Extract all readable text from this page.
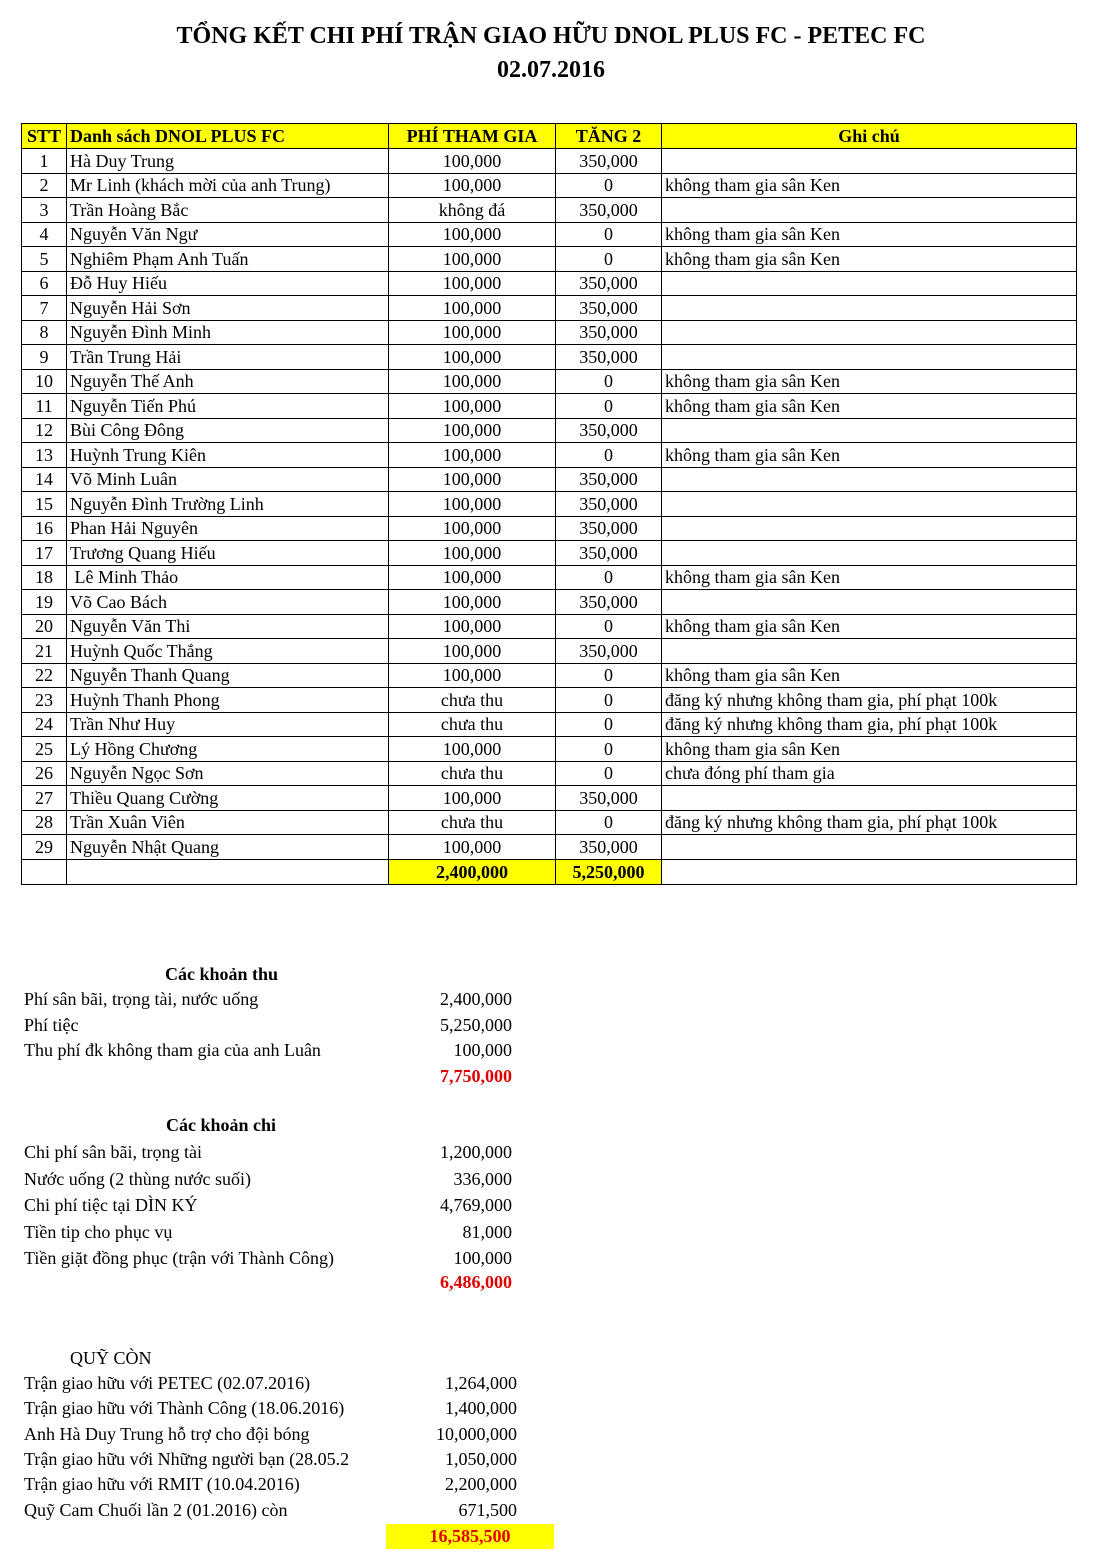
TỔNG KẾT CHI PHÍ TRẬN GIAO HỮU DNOL PLUS FC - PETEC FC
02.07.2016
STT	Danh sách DNOL PLUS FC	PHÍ THAM GIA	TĂNG 2	Ghi chú
1	Hà Duy Trung	100,000	350,000	
2	Mr Linh (khách mời của anh Trung)	100,000	0	không tham gia sân Ken
3	Trần Hoàng Bắc	không đá	350,000	
4	Nguyễn Văn Ngư	100,000	0	không tham gia sân Ken
5	Nghiêm Phạm Anh Tuấn	100,000	0	không tham gia sân Ken
6	Đỗ Huy Hiếu	100,000	350,000	
7	Nguyễn Hải Sơn	100,000	350,000	
8	Nguyễn Đình Minh	100,000	350,000	
9	Trần Trung Hải	100,000	350,000	
10	Nguyễn Thế Anh	100,000	0	không tham gia sân Ken
11	Nguyễn Tiến Phú	100,000	0	không tham gia sân Ken
12	Bùi Công Đông	100,000	350,000	
13	Huỳnh Trung Kiên	100,000	0	không tham gia sân Ken
14	Võ Minh Luân	100,000	350,000	
15	Nguyễn Đình Trường Linh	100,000	350,000	
16	Phan Hải Nguyên	100,000	350,000	
17	Trương Quang Hiếu	100,000	350,000	
18	Lê Minh Thảo	100,000	0	không tham gia sân Ken
19	Võ Cao Bách	100,000	350,000	
20	Nguyễn Văn Thi	100,000	0	không tham gia sân Ken
21	Huỳnh Quốc Thắng	100,000	350,000	
22	Nguyễn Thanh Quang	100,000	0	không tham gia sân Ken
23	Huỳnh Thanh Phong	chưa thu	0	đăng ký nhưng không tham gia, phí phạt 100k
24	Trần Như Huy	chưa thu	0	đăng ký nhưng không tham gia, phí phạt 100k
25	Lý Hồng Chương	100,000	0	không tham gia sân Ken
26	Nguyễn Ngọc Sơn	chưa thu	0	chưa đóng phí tham gia
27	Thiều Quang Cường	100,000	350,000	
28	Trần Xuân Viên	chưa thu	0	đăng ký nhưng không tham gia, phí phạt 100k
29	Nguyễn Nhật Quang	100,000	350,000	
		2,400,000	5,250,000	
Các khoản thu
Phí sân bãi, trọng tài, nước uống	2,400,000
Phí tiệc	5,250,000
Thu phí đk không tham gia của anh Luân	100,000
7,750,000
Các khoản chi
Chi phí sân bãi, trọng tài	1,200,000
Nước uống (2 thùng nước suối)	336,000
Chi phí tiệc tại DÌN KÝ	4,769,000
Tiền tip cho phục vụ	81,000
Tiền giặt đồng phục (trận với Thành Công)	100,000
6,486,000
QUỸ CÒN
Trận giao hữu với PETEC (02.07.2016)	1,264,000
Trận giao hữu với Thành Công (18.06.2016)	1,400,000
Anh Hà Duy Trung hỗ trợ cho đội bóng	10,000,000
Trận giao hữu với Những người bạn (28.05.2	1,050,000
Trận giao hữu với RMIT (10.04.2016)	2,200,000
Quỹ Cam Chuối lần 2 (01.2016) còn	671,500
16,585,500
